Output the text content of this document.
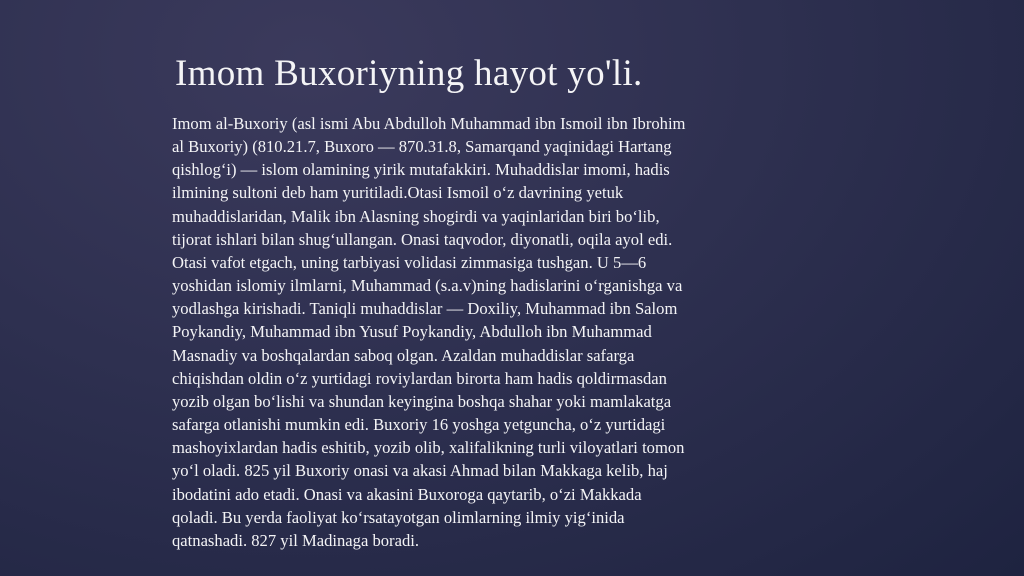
Imom Buxoriyning hayot yo'li.
Imom al-Buxoriy (asl ismi Abu Abdulloh Muhammad ibn Ismoil ibn Ibrohim
al Buxoriy) (810.21.7, Buxoro — 870.31.8, Samarqand yaqinidagi Hartang
qishlog‘i) — islom olamining yirik mutafakkiri. Muhaddislar imomi, hadis
ilmining sultoni deb ham yuritiladi.Otasi Ismoil o‘z davrining yetuk
muhaddislaridan, Malik ibn Alasning shogirdi va yaqinlaridan biri bo‘lib,
tijorat ishlari bilan shug‘ullangan. Onasi taqvodor, diyonatli, oqila ayol edi.
Otasi vafot etgach, uning tarbiyasi volidasi zimmasiga tushgan. U 5—6
yoshidan islomiy ilmlarni, Muhammad (s.a.v)ning hadislarini o‘rganishga va
yodlashga kirishadi. Taniqli muhaddislar — Doxiliy, Muhammad ibn Salom
Poykandiy, Muhammad ibn Yusuf Poykandiy, Abdulloh ibn Muhammad
Masnadiy va boshqalardan saboq olgan. Azaldan muhaddislar safarga
chiqishdan oldin o‘z yurtidagi roviylardan birorta ham hadis qoldirmasdan
yozib olgan bo‘lishi va shundan keyingina boshqa shahar yoki mamlakatga
safarga otlanishi mumkin edi. Buxoriy 16 yoshga yetguncha, o‘z yurtidagi
mashoyixlardan hadis eshitib, yozib olib, xalifalikning turli viloyatlari tomon
yo‘l oladi. 825 yil Buxoriy onasi va akasi Ahmad bilan Makkaga kelib, haj
ibodatini ado etadi. Onasi va akasini Buxoroga qaytarib, o‘zi Makkada
qoladi. Bu yerda faoliyat ko‘rsatayotgan olimlarning ilmiy yig‘inida
qatnashadi. 827 yil Madinaga boradi.
